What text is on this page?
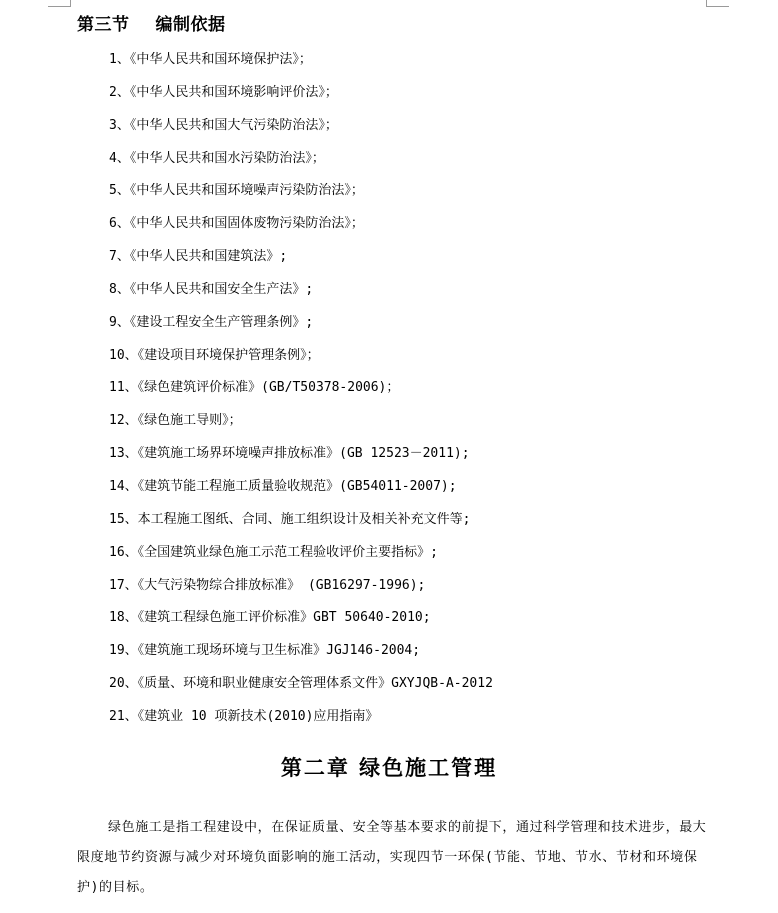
第三节 编制依据
1、《中华人民共和国环境保护法》；
2、《中华人民共和国环境影响评价法》；
3、《中华人民共和国大气污染防治法》；
4、《中华人民共和国水污染防治法》；
5、《中华人民共和国环境噪声污染防治法》；
6、《中华人民共和国固体废物污染防治法》；
7、《中华人民共和国建筑法》;
8、《中华人民共和国安全生产法》;
9、《建设工程安全生产管理条例》;
10、《建设项目环境保护管理条例》；
11、《绿色建筑评价标准》(GB/T50378-2006)；
12、《绿色施工导则》；
13、《建筑施工场界环境噪声排放标准》(GB 12523－2011);
14、《建筑节能工程施工质量验收规范》(GB54011-2007);
15、本工程施工图纸、合同、施工组织设计及相关补充文件等;
16、《全国建筑业绿色施工示范工程验收评价主要指标》;
17、《大气污染物综合排放标准》 (GB16297-1996);
18、《建筑工程绿色施工评价标准》GBT 50640-2010;
19、《建筑施工现场环境与卫生标准》JGJ146-2004;
20、《质量、环境和职业健康安全管理体系文件》GXYJQB-A-2012
21、《建筑业 10 项新技术(2010)应用指南》
第二章 绿色施工管理

绿色施工是指工程建设中，在保证质量、安全等基本要求的前提下，通过科学管理和技术进步，最大限度地节约资源与减少对环境负面影响的施工活动，实现四节一环保(节能、节地、节水、节材和环境保护)的目标。
